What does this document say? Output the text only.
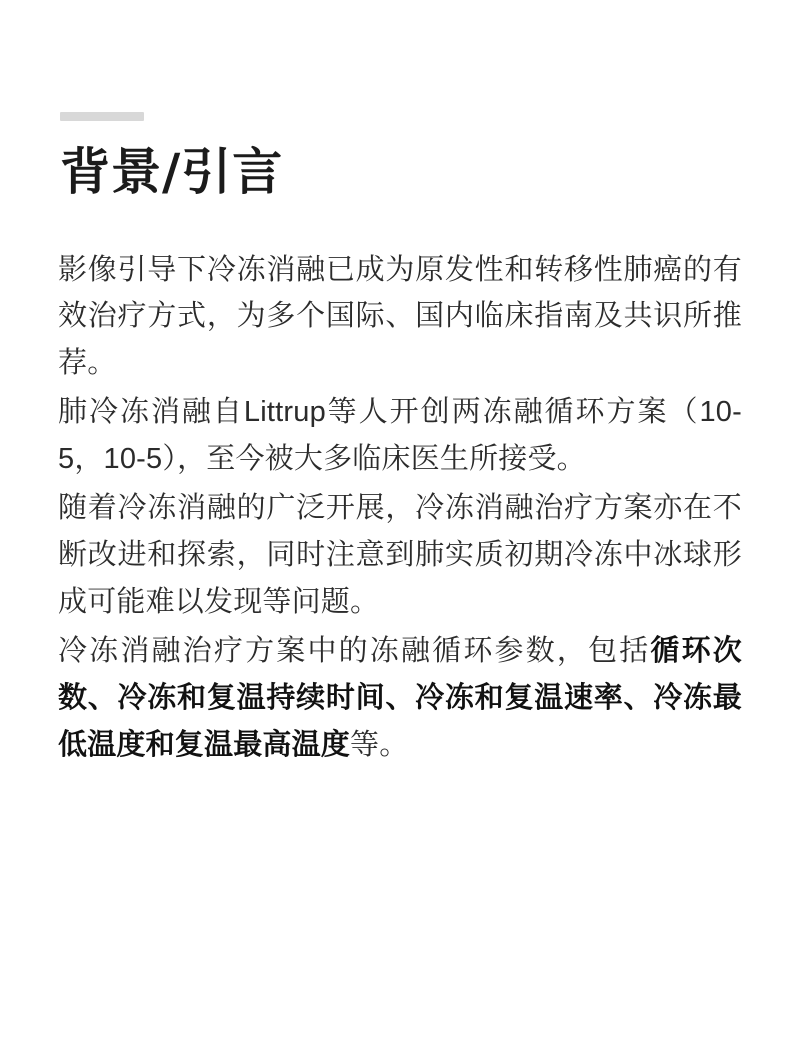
背景/引言

影像引导下冷冻消融已成为原发性和转移性肺癌的有效治疗方式，为多个国际、国内临床指南及共识所推荐。

肺冷冻消融自Littrup等人开创两冻融循环方案（10-5，10-5），至今被大多临床医生所接受。

随着冷冻消融的广泛开展，冷冻消融治疗方案亦在不断改进和探索，同时注意到肺实质初期冷冻中冰球形成可能难以发现等问题。

冷冻消融治疗方案中的冻融循环参数，包括循环次数、冷冻和复温持续时间、冷冻和复温速率、冷冻最低温度和复温最高温度等。
